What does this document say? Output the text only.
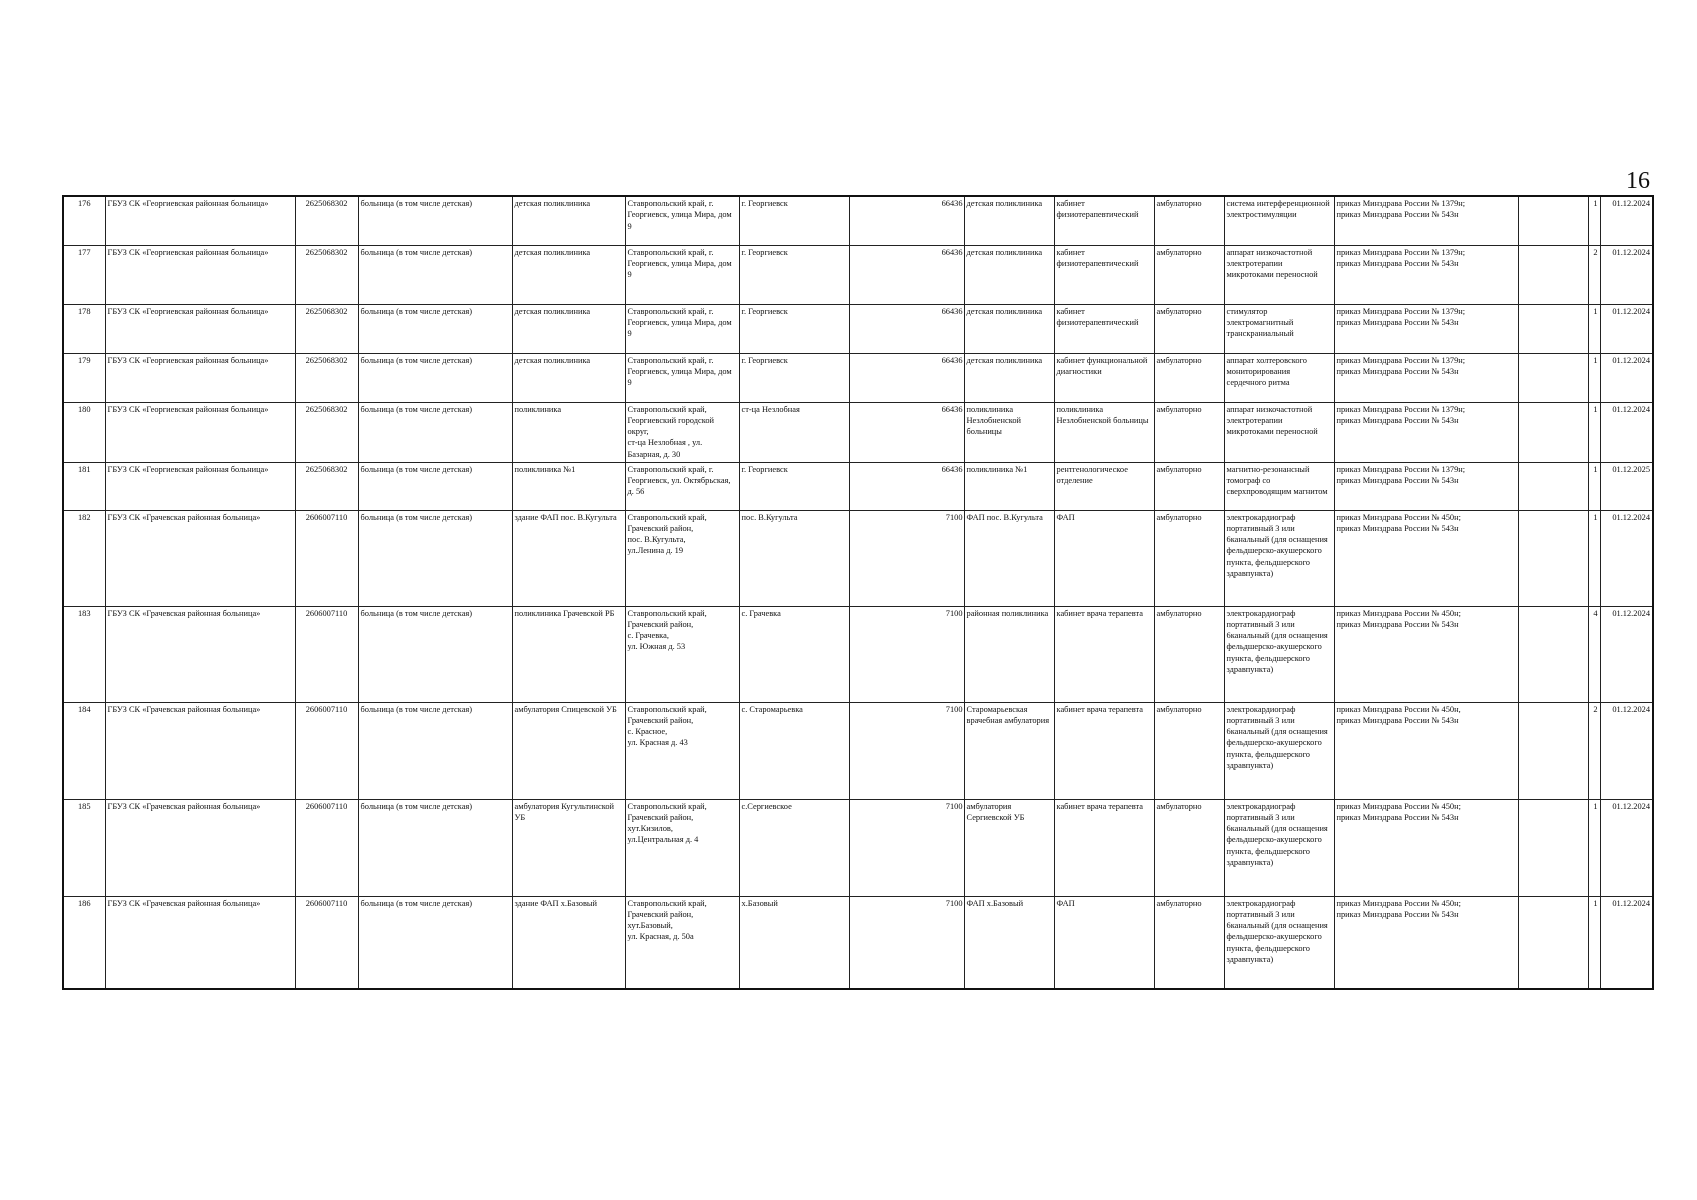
16
176	ГБУЗ СК «Георгиевская районная больница»	2625068302	больница (в том числе детская)	детская поликлиника	Ставропольский край, г. Георгиевск, улица Мира, дом 9	г. Георгиевск	66436	детская поликлиника	кабинет физиотерапевтический	амбулаторно	система интерференционной электростимуляции	приказ Минздрава России № 1379н;
приказ Минздрава России № 543н		1	01.12.2024
177	ГБУЗ СК «Георгиевская районная больница»	2625068302	больница (в том числе детская)	детская поликлиника	Ставропольский край, г. Георгиевск, улица Мира, дом 9	г. Георгиевск	66436	детская поликлиника	кабинет физиотерапевтический	амбулаторно	аппарат низкочастотной электротерапии микротоками переносной	приказ Минздрава России № 1379н;
приказ Минздрава России № 543н		2	01.12.2024
178	ГБУЗ СК «Георгиевская районная больница»	2625068302	больница (в том числе детская)	детская поликлиника	Ставропольский край, г. Георгиевск, улица Мира, дом 9	г. Георгиевск	66436	детская поликлиника	кабинет физиотерапевтический	амбулаторно	стимулятор электромагнитный транскраниальный	приказ Минздрава России № 1379н;
приказ Минздрава России № 543н		1	01.12.2024
179	ГБУЗ СК «Георгиевская районная больница»	2625068302	больница (в том числе детская)	детская поликлиника	Ставропольский край, г. Георгиевск, улица Мира, дом 9	г. Георгиевск	66436	детская поликлиника	кабинет функциональной диагностики	амбулаторно	аппарат холтеровского мониторирования сердечного ритма	приказ Минздрава России № 1379н;
приказ Минздрава России № 543н		1	01.12.2024
180	ГБУЗ СК «Георгиевская районная больница»	2625068302	больница (в том числе детская)	поликлиника	Ставропольский край, Георгиевский городской округ,
ст-ца Незлобная , ул. Базарная, д. 30	ст-ца Незлобная	66436	поликлиника Незлобненской больницы	поликлиника Незлобненской больницы	амбулаторно	аппарат низкочастотной электротерапии микротоками переносной	приказ Минздрава России № 1379н;
приказ Минздрава России № 543н		1	01.12.2024
181	ГБУЗ СК «Георгиевская районная больница»	2625068302	больница (в том числе детская)	поликлиника №1	Ставропольский край, г. Георгиевск, ул. Октябрьская, д. 56	г. Георгиевск	66436	поликлиника №1	рентгенологическое отделение	амбулаторно	магнитно-резонансный томограф со сверхпроводящим магнитом	приказ Минздрава России № 1379н;
приказ Минздрава России № 543н		1	01.12.2025
182	ГБУЗ СК «Грачевская районная больница»	2606007110	больница (в том числе детская)	здание ФАП пос. В.Кугульта	Ставропольский край, Грачевский район,
пос. В.Кугульта,
ул.Ленина д. 19	пос. В.Кугульта	7100	ФАП пос. В.Кугульта	ФАП	амбулаторно	электрокардиограф портативный 3 или 6канальный (для оснащения фельдшерско-акушерского пункта, фельдшерского здравпункта)	приказ Минздрава России № 450н;
приказ Минздрава России № 543н		1	01.12.2024
183	ГБУЗ СК «Грачевская районная больница»	2606007110	больница (в том числе детская)	поликлиника Грачевской РБ	Ставропольский край, Грачевский район,
с. Грачевка,
ул. Южная д. 53	с. Грачевка	7100	районная поликлиника	кабинет врача терапевта	амбулаторно	электрокардиограф портативный 3 или 6канальный (для оснащения фельдшерско-акушерского пункта, фельдшерского здравпункта)	приказ Минздрава России № 450н;
приказ Минздрава России № 543н		4	01.12.2024
184	ГБУЗ СК «Грачевская районная больница»	2606007110	больница (в том числе детская)	амбулатория Спицевской УБ	Ставропольский край, Грачевский район,
с. Красное,
ул. Красная д. 43	с. Старомарьевка	7100	Старомарьевская врачебная амбулатория	кабинет врача терапевта	амбулаторно	электрокардиограф портативный 3 или 6канальный (для оснащения фельдшерско-акушерского пункта, фельдшерского здравпункта)	приказ Минздрава России № 450н,
приказ Минздрава России № 543н		2	01.12.2024
185	ГБУЗ СК «Грачевская районная больница»	2606007110	больница (в том числе детская)	амбулатория Кугультинской УБ	Ставропольский край, Грачевский район,
хут.Кизилов,
ул.Центральная д. 4	с.Сергиевское	7100	амбулатория Сергиевской УБ	кабинет врача терапевта	амбулаторно	электрокардиограф портативный 3 или 6канальный (для оснащения фельдшерско-акушерского пункта, фельдшерского здравпункта)	приказ Минздрава России № 450н;
приказ Минздрава России № 543н		1	01.12.2024
186	ГБУЗ СК «Грачевская районная больница»	2606007110	больница (в том числе детская)	здание ФАП х.Базовый	Ставропольский край, Грачевский район,
хут.Базовый,
ул. Красная, д. 50а	х.Базовый	7100	ФАП х.Базовый	ФАП	амбулаторно	электрокардиограф портативный 3 или 6канальный (для оснащения фельдшерско-акушерского пункта, фельдшерского здравпункта)	приказ Минздрава России № 450н;
приказ Минздрава России № 543н		1	01.12.2024
